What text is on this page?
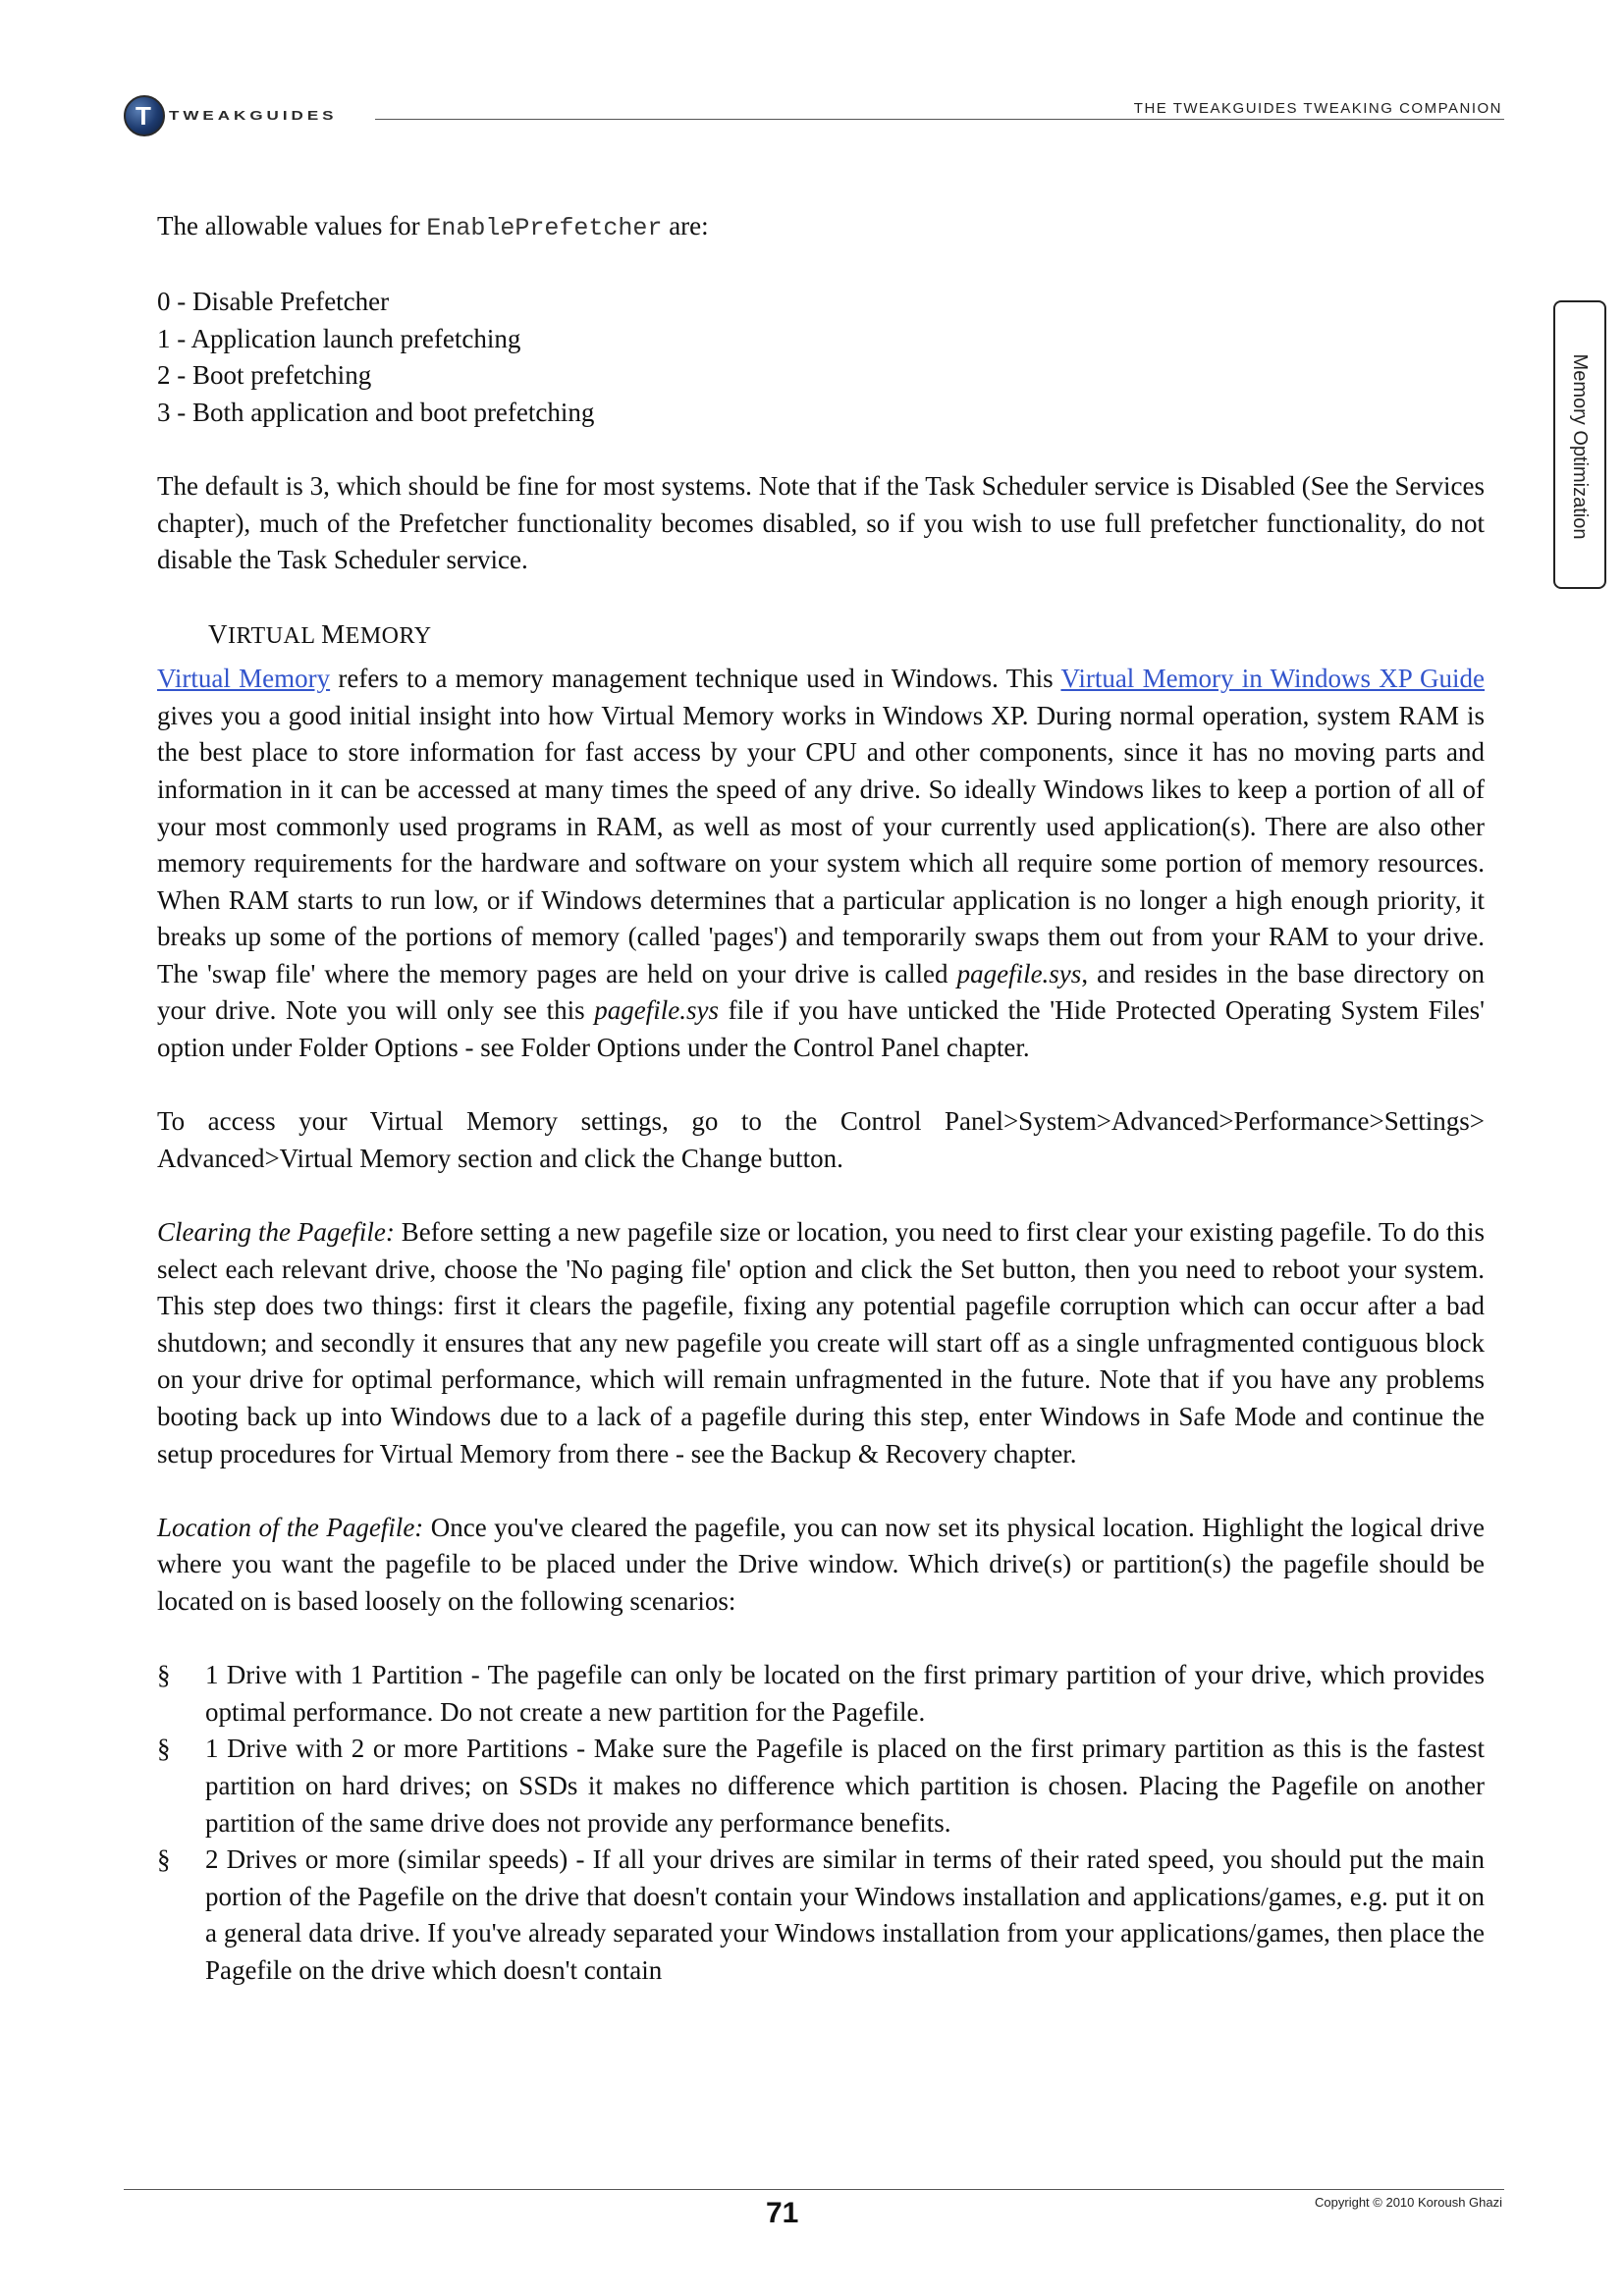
T
TWEAKGUIDES	THE TWEAKGUIDES TWEAKING COMPANION
Memory Optimization

The allowable values for EnablePrefetcher are:

0 - Disable Prefetcher

1 - Application launch prefetching

2 - Boot prefetching

3 - Both application and boot prefetching

The default is 3, which should be fine for most systems. Note that if the Task Scheduler service is Disabled (See the Services chapter), much of the Prefetcher functionality becomes disabled, so if you wish to use full prefetcher functionality, do not disable the Task Scheduler service.

VIRTUAL MEMORY

Virtual Memory refers to a memory management technique used in Windows. This Virtual Memory in Windows XP Guide gives you a good initial insight into how Virtual Memory works in Windows XP. During normal operation, system RAM is the best place to store information for fast access by your CPU and other components, since it has no moving parts and information in it can be accessed at many times the speed of any drive. So ideally Windows likes to keep a portion of all of your most commonly used programs in RAM, as well as most of your currently used application(s). There are also other memory requirements for the hardware and software on your system which all require some portion of memory resources. When RAM starts to run low, or if Windows determines that a particular application is no longer a high enough priority, it breaks up some of the portions of memory (called 'pages') and temporarily swaps them out from your RAM to your drive. The 'swap file' where the memory pages are held on your drive is called pagefile.sys, and resides in the base directory on your drive. Note you will only see this pagefile.sys file if you have unticked the 'Hide Protected Operating System Files' option under Folder Options - see Folder Options under the Control Panel chapter.

To access your Virtual Memory settings, go to the Control Panel>System>Advanced>Performance>Settings> Advanced>Virtual Memory section and click the Change button.

Clearing the Pagefile: Before setting a new pagefile size or location, you need to first clear your existing pagefile. To do this select each relevant drive, choose the 'No paging file' option and click the Set button, then you need to reboot your system. This step does two things: first it clears the pagefile, fixing any potential pagefile corruption which can occur after a bad shutdown; and secondly it ensures that any new pagefile you create will start off as a single unfragmented contiguous block on your drive for optimal performance, which will remain unfragmented in the future. Note that if you have any problems booting back up into Windows due to a lack of a pagefile during this step, enter Windows in Safe Mode and continue the setup procedures for Virtual Memory from there - see the Backup & Recovery chapter.

Location of the Pagefile: Once you've cleared the pagefile, you can now set its physical location. Highlight the logical drive where you want the pagefile to be placed under the Drive window. Which drive(s) or partition(s) the pagefile should be located on is based loosely on the following scenarios:

§ 1 Drive with 1 Partition - The pagefile can only be located on the first primary partition of your drive, which provides optimal performance. Do not create a new partition for the Pagefile.
§ 1 Drive with 2 or more Partitions - Make sure the Pagefile is placed on the first primary partition as this is the fastest partition on hard drives; on SSDs it makes no difference which partition is chosen. Placing the Pagefile on another partition of the same drive does not provide any performance benefits.
§ 2 Drives or more (similar speeds) - If all your drives are similar in terms of their rated speed, you should put the main portion of the Pagefile on the drive that doesn't contain your Windows installation and applications/games, e.g. put it on a general data drive. If you've already separated your Windows installation from your applications/games, then place the Pagefile on the drive which doesn't contain
71	Copyright © 2010 Koroush Ghazi
